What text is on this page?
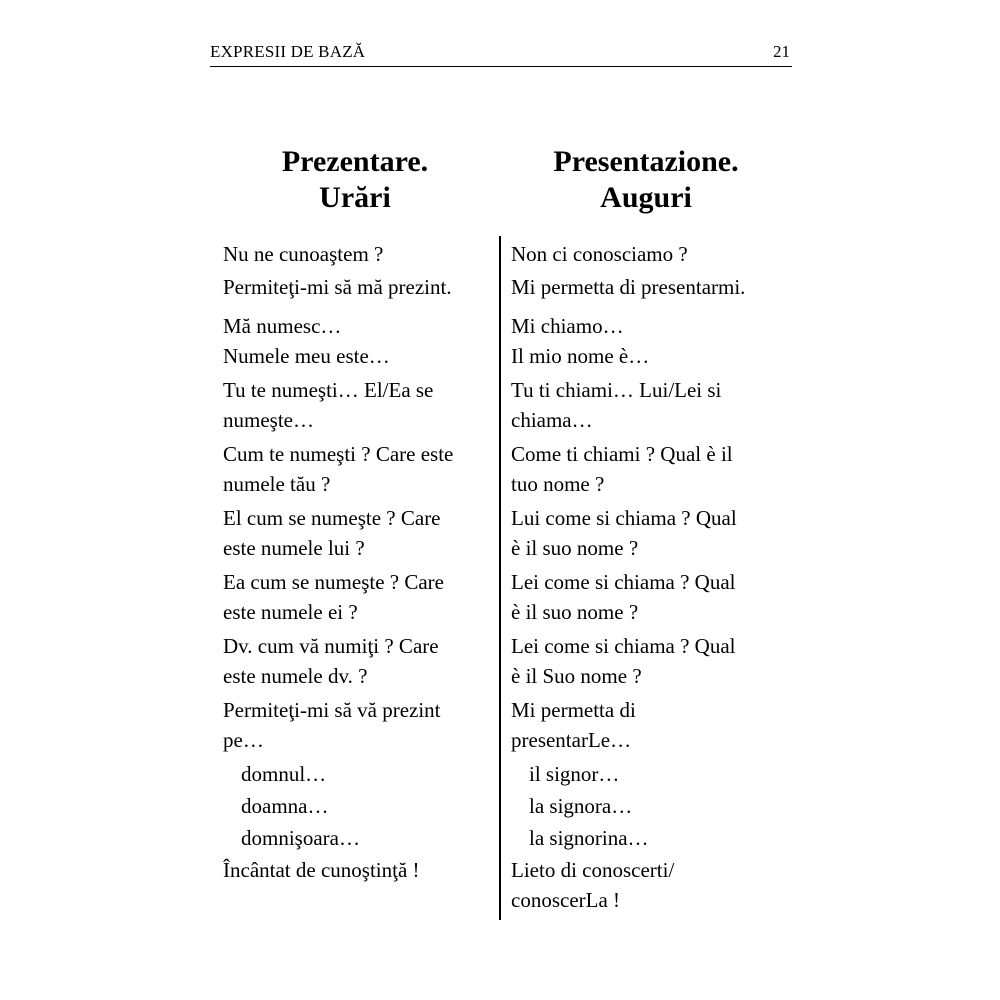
EXPRESII DE BAZĂ	21
Prezentare.
Urări
Presentazione.
Auguri
Nu ne cunoaştem ?
Permiteţi-mi să mă prezint.
Mă numesc…
Numele meu este…
Tu te numeşti… El/Ea se
numeşte…
Cum te numeşti ? Care este
numele tău ?
El cum se numeşte ? Care
este numele lui ?
Ea cum se numeşte ? Care
este numele ei ?
Dv. cum vă numiţi ? Care
este numele dv. ?
Permiteţi-mi să vă prezint
pe…
domnul…
doamna…
domnişoara…
Încântat de cunoştinţă !
Non ci conosciamo ?
Mi permetta di presentarmi.
Mi chiamo…
Il mio nome è…
Tu ti chiami… Lui/Lei si
chiama…
Come ti chiami ? Qual è il
tuo nome ?
Lui come si chiama ? Qual
è il suo nome ?
Lei come si chiama ? Qual
è il suo nome ?
Lei come si chiama ? Qual
è il Suo nome ?
Mi permetta di
presentarLe…
il signor…
la signora…
la signorina…
Lieto di conoscerti/
conoscerLa !
